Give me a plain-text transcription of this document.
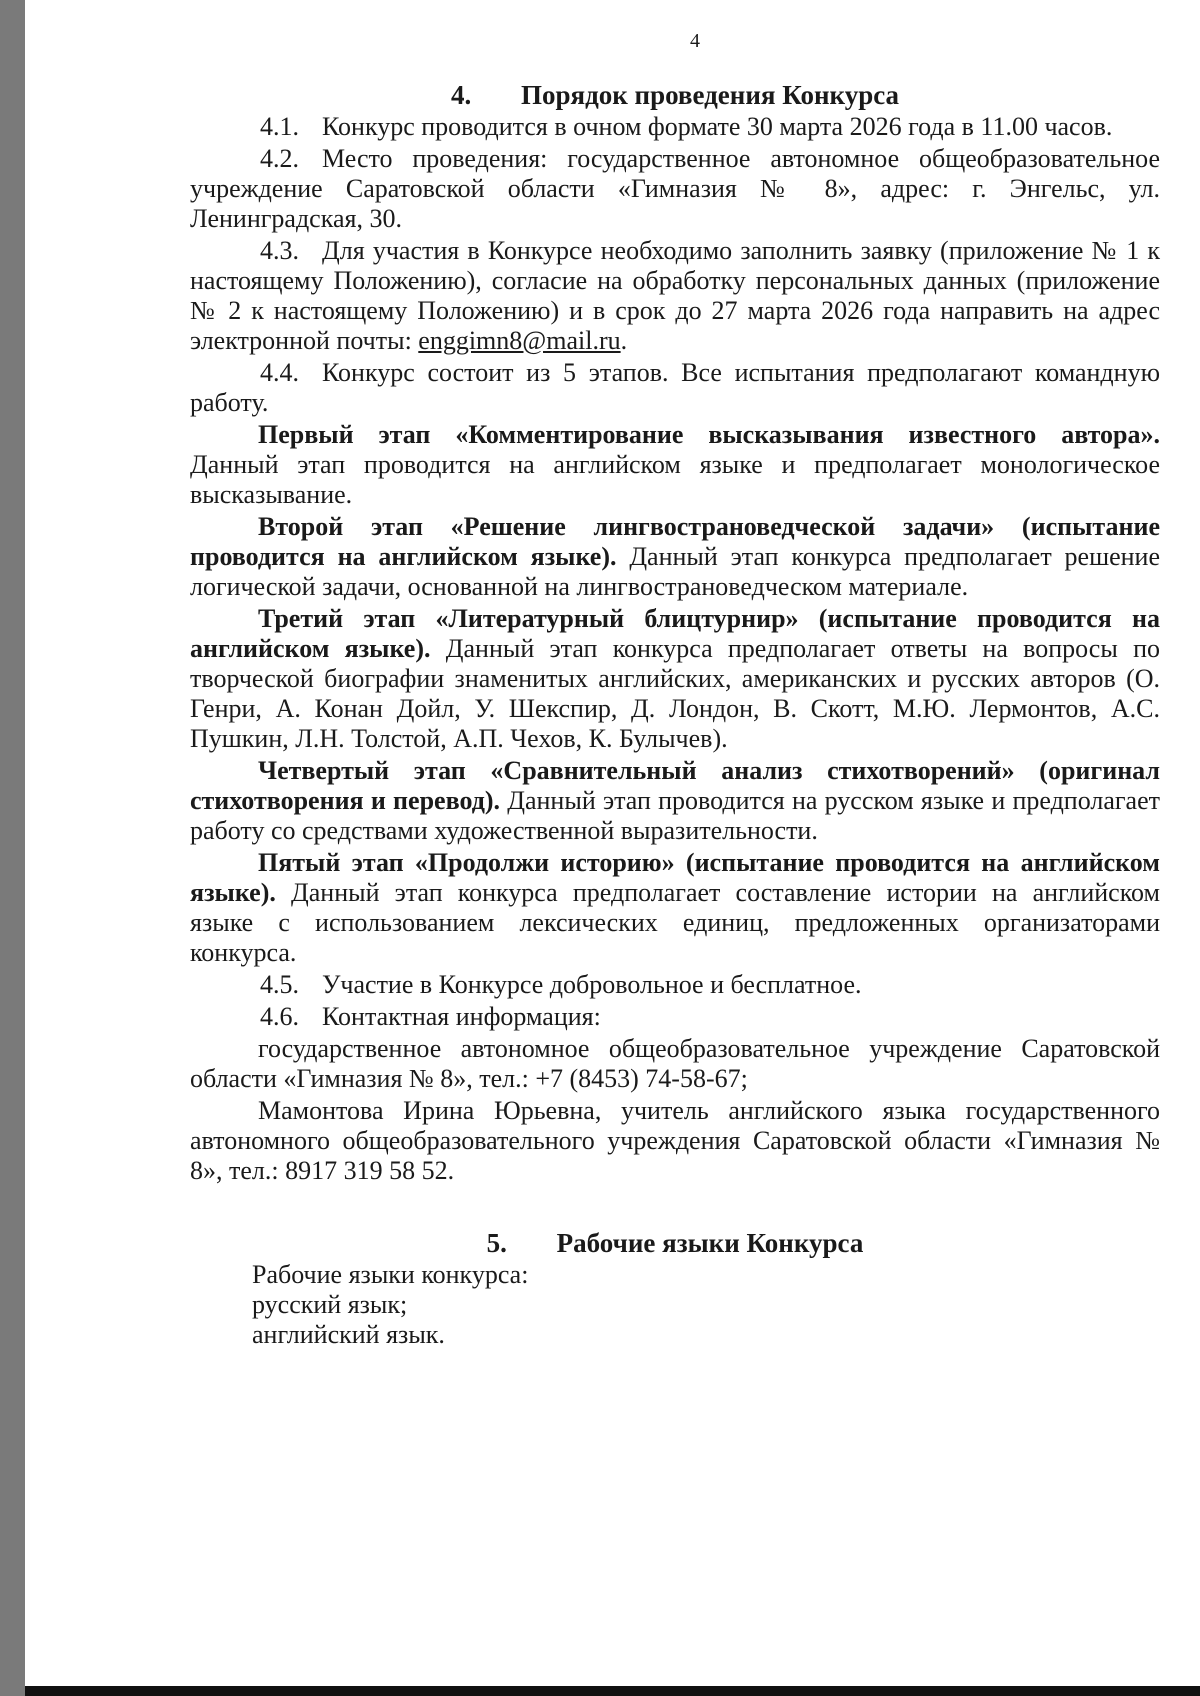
4

4. Порядок проведения Конкурса

4.1. Конкурс проводится в очном формате 30 марта 2026 года в 11.00 часов.

4.2. Место проведения: государственное автономное общеобразовательное учреждение Саратовской области «Гимназия № 8», адрес: г. Энгельс, ул. Ленинградская, 30.

4.3. Для участия в Конкурсе необходимо заполнить заявку (приложение № 1 к настоящему Положению), согласие на обработку персональных данных (приложение № 2 к настоящему Положению) и в срок до 27 марта 2026 года направить на адрес электронной почты: enggimn8@mail.ru.

4.4. Конкурс состоит из 5 этапов. Все испытания предполагают командную работу.

Первый этап «Комментирование высказывания известного автора». Данный этап проводится на английском языке и предполагает монологическое высказывание.

Второй этап «Решение лингвострановедческой задачи» (испытание проводится на английском языке). Данный этап конкурса предполагает решение логической задачи, основанной на лингвострановедческом материале.

Третий этап «Литературный блицтурнир» (испытание проводится на английском языке). Данный этап конкурса предполагает ответы на вопросы по творческой биографии знаменитых английских, американских и русских авторов (О. Генри, А. Конан Дойл, У. Шекспир, Д. Лондон, В. Скотт, М.Ю. Лермонтов, А.С. Пушкин, Л.Н. Толстой, А.П. Чехов, К. Булычев).

Четвертый этап «Сравнительный анализ стихотворений» (оригинал стихотворения и перевод). Данный этап проводится на русском языке и предполагает работу со средствами художественной выразительности.

Пятый этап «Продолжи историю» (испытание проводится на английском языке). Данный этап конкурса предполагает составление истории на английском языке с использованием лексических единиц, предложенных организаторами конкурса.

4.5. Участие в Конкурсе добровольное и бесплатное.

4.6. Контактная информация:

государственное автономное общеобразовательное учреждение Саратовской области «Гимназия № 8», тел.: +7 (8453) 74-58-67;

Мамонтова Ирина Юрьевна, учитель английского языка государственного автономного общеобразовательного учреждения Саратовской области «Гимназия № 8», тел.: 8917 319 58 52.

5. Рабочие языки Конкурса

Рабочие языки конкурса:

русский язык;

английский язык.
